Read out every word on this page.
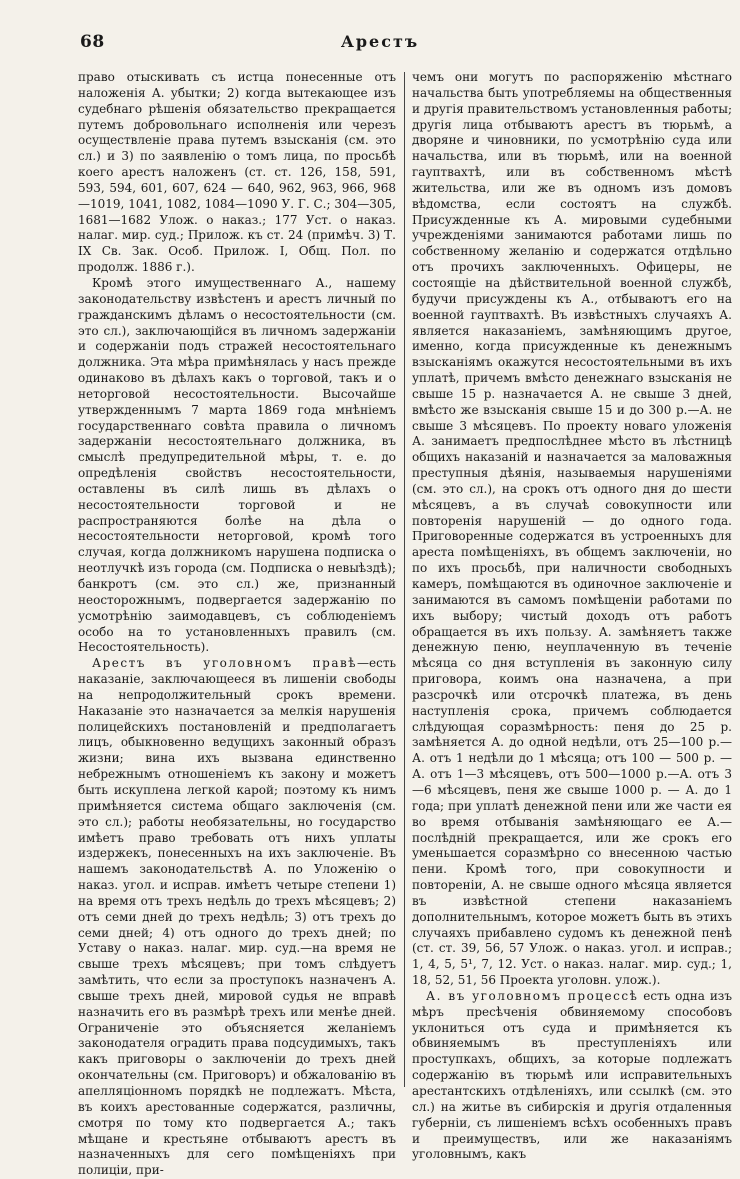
68	Арестъ

право отыскивать съ истца понесенные отъ наложенія А. убытки; 2) когда вытекающее изъ судебнаго рѣшенія обязательство прекращается путемъ добровольнаго исполненія или черезъ осуществленіе права путемъ взысканія (см. это сл.) и 3) по заявленію о томъ лица, по просьбѣ коего арестъ наложенъ (ст. ст. 126, 158, 591, 593, 594, 601, 607, 624 — 640, 962, 963, 966, 968—1019, 1041, 1082, 1084—1090 У. Г. С.; 304—305, 1681—1682 Улож. о наказ.; 177 Уст. о наказ. налаг. мир. суд.; Прилож. къ ст. 24 (примѣч. 3) Т. IX Св. Зак. Особ. Прилож. I, Общ. Пол. по продолж. 1886 г.).

Кромѣ этого имущественнаго А., нашему законодательству извѣстенъ и арестъ личный по гражданскимъ дѣламъ о несостоятельности (см. это сл.), заключающійся въ личномъ задержаніи и содержаніи подъ стражей несостоятельнаго должника. Эта мѣра примѣнялась у насъ прежде одинаково въ дѣлахъ какъ о торговой, такъ и о неторговой несостоятельности. Высочайше утвержденнымъ 7 марта 1869 года мнѣніемъ государственнаго совѣта правила о личномъ задержаніи несостоятельнаго должника, въ смыслѣ предупредительной мѣры, т. е. до опредѣленія свойствъ несостоятельности, оставлены въ силѣ лишь въ дѣлахъ о несостоятельности торговой и не распространяются болѣе на дѣла о несостоятельности неторговой, кромѣ того случая, когда должникомъ нарушена подписка о неотлучкѣ изъ города (см. Подписка о невыѣздѣ); банкротъ (см. это сл.) же, признанный неосторожнымъ, подвергается задержанію по усмотрѣнію заимодавцевъ, съ соблюденіемъ особо на то установленныхъ правилъ (см. Несостоятельность).

Арестъ въ уголовномъ правѣ—есть наказаніе, заключающееся въ лишеніи свободы на непродолжительный срокъ времени. Наказаніе это назначается за мелкія нарушенія полицейскихъ постановленій и предполагаетъ лицъ, обыкновенно ведущихъ законный образъ жизни; вина ихъ вызвана единственно небрежнымъ отношеніемъ къ закону и можетъ быть искуплена легкой карой; поэтому къ нимъ примѣняется система общаго заключенія (см. это сл.); работы необязательны, но государство имѣетъ право требовать отъ нихъ уплаты издержекъ, понесенныхъ на ихъ заключеніе. Въ нашемъ законодательствѣ А. по Уложенію о наказ. угол. и исправ. имѣетъ четыре степени 1) на время отъ трехъ недѣль до трехъ мѣсяцевъ; 2) отъ семи дней до трехъ недѣль; 3) отъ трехъ до семи дней; 4) отъ одного до трехъ дней; по Уставу о наказ. налаг. мир. суд.—на время не свыше трехъ мѣсяцевъ; при томъ слѣдуетъ замѣтить, что если за проступокъ назначенъ А. свыше трехъ дней, мировой судья не вправѣ назначить его въ размѣрѣ трехъ или менѣе дней. Ограниченіе это объясняется желаніемъ законодателя оградить права подсудимыхъ, такъ какъ приговоры о заключеніи до трехъ дней окончательны (см. Приговоръ) и обжалованію въ апелляціонномъ порядкѣ не подлежатъ. Мѣста, въ коихъ арестованные содержатся, различны, смотря по тому кто подвергается А.; такъ мѣщане и крестьяне отбываютъ арестъ въ назначенныхъ для сего помѣщеніяхъ при полиціи, при-

чемъ они могутъ по распоряженію мѣстнаго начальства быть употребляемы на общественныя и другія правительствомъ установленныя работы; другія лица отбываютъ арестъ въ тюрьмѣ, а дворяне и чиновники, по усмотрѣнію суда или начальства, или въ тюрьмѣ, или на военной гауптвахтѣ, или въ собственномъ мѣстѣ жительства, или же въ одномъ изъ домовъ вѣдомства, если состоятъ на службѣ. Присужденные къ А. мировыми судебными учрежденіями занимаются работами лишь по собственному желанію и содержатся отдѣльно отъ прочихъ заключенныхъ. Офицеры, не состоящіе на дѣйствительной военной службѣ, будучи присуждены къ А., отбываютъ его на военной гауптвахтѣ. Въ извѣстныхъ случаяхъ А. является наказаніемъ, замѣняющимъ другое, именно, когда присужденные къ денежнымъ взысканіямъ окажутся несостоятельными въ ихъ уплатѣ, причемъ вмѣсто денежнаго взысканія не свыше 15 р. назначается А. не свыше 3 дней, вмѣсто же взысканія свыше 15 и до 300 р.—А. не свыше 3 мѣсяцевъ. По проекту новаго уложенія А. занимаетъ предпослѣднее мѣсто въ лѣстницѣ общихъ наказаній и назначается за маловажныя преступныя дѣянія, называемыя нарушеніями (см. это сл.), на срокъ отъ одного дня до шести мѣсяцевъ, а въ случаѣ совокупности или повторенія нарушеній — до одного года. Приговоренные содержатся въ устроенныхъ для ареста помѣщеніяхъ, въ общемъ заключеніи, но по ихъ просьбѣ, при наличности свободныхъ камеръ, помѣщаются въ одиночное заключеніе и занимаются въ самомъ помѣщеніи работами по ихъ выбору; чистый доходъ отъ работъ обращается въ ихъ пользу. А. замѣняетъ также денежную пеню, неуплаченную въ теченіе мѣсяца со дня вступленія въ законную силу приговора, коимъ она назначена, а при разсрочкѣ или отсрочкѣ платежа, въ день наступленія срока, причемъ соблюдается слѣдующая соразмѣрность: пеня до 25 р. замѣняется А. до одной недѣли, отъ 25—100 р.—А. отъ 1 недѣли до 1 мѣсяца; отъ 100 — 500 р. — А. отъ 1—3 мѣсяцевъ, отъ 500—1000 р.—А. отъ 3—6 мѣсяцевъ, пеня же свыше 1000 р. — А. до 1 года; при уплатѣ денежной пени или же части ея во время отбыванія замѣняющаго ее А.—послѣдній прекращается, или же срокъ его уменьшается соразмѣрно со внесенною частью пени. Кромѣ того, при совокупности и повтореніи, А. не свыше одного мѣсяца является въ извѣстной степени наказаніемъ дополнительнымъ, которое можетъ быть въ этихъ случаяхъ прибавлено судомъ къ денежной пенѣ (ст. ст. 39, 56, 57 Улож. о наказ. угол. и исправ.; 1, 4, 5, 5¹, 7, 12. Уст. о наказ. налаг. мир. суд.; 1, 18, 52, 51, 56 Проекта уголовн. улож.).

А. въ уголовномъ процессѣ есть одна изъ мѣръ пресѣченія обвиняемому способовъ уклониться отъ суда и примѣняется къ обвиняемымъ въ преступленіяхъ или проступкахъ, общихъ, за которые подлежатъ содержанію въ тюрьмѣ или исправительныхъ арестантскихъ отдѣленіяхъ, или ссылкѣ (см. это сл.) на житье въ сибирскія и другія отдаленныя губерніи, съ лишеніемъ всѣхъ особенныхъ правъ и преимуществъ, или же наказаніямъ уголовнымъ, какъ
